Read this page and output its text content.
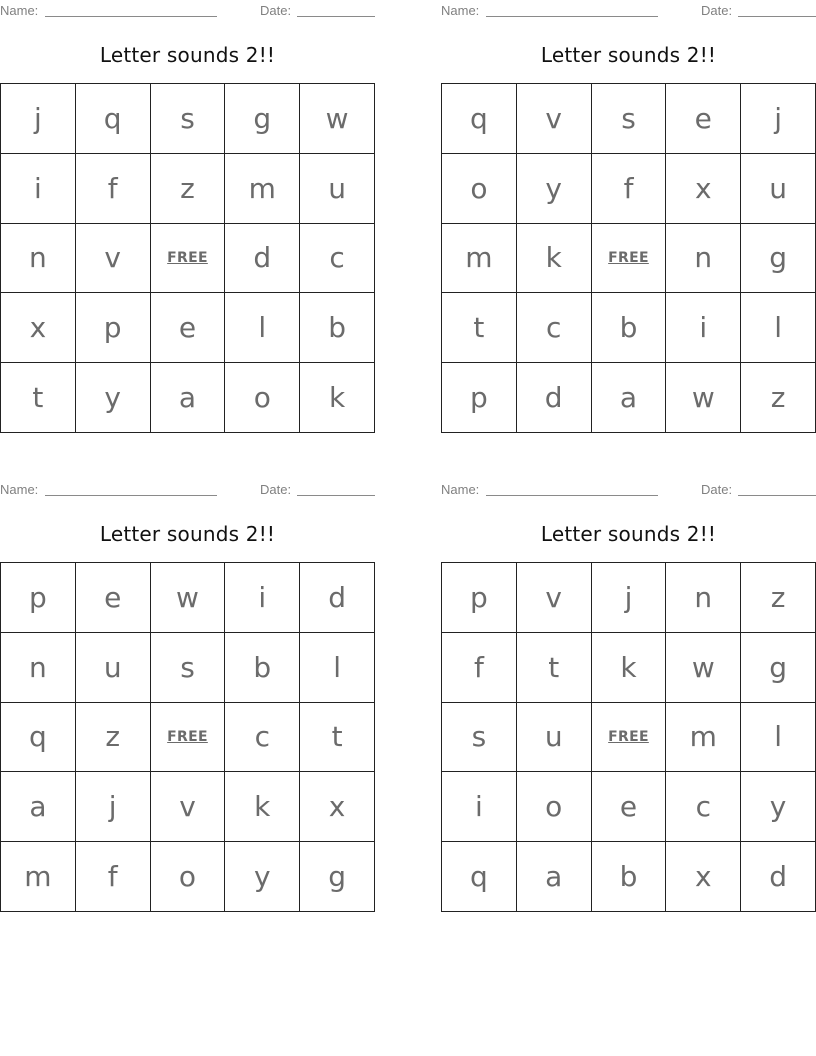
Name:	Date:
Letter sounds 2!!
j	q	s	g	w
i	f	z	m	u
n	v	FREE	d	c
x	p	e	l	b
t	y	a	o	k
Name:	Date:
Letter sounds 2!!
q	v	s	e	j
o	y	f	x	u
m	k	FREE	n	g
t	c	b	i	l
p	d	a	w	z
Name:	Date:
Letter sounds 2!!
p	e	w	i	d
n	u	s	b	l
q	z	FREE	c	t
a	j	v	k	x
m	f	o	y	g
Name:	Date:
Letter sounds 2!!
p	v	j	n	z
f	t	k	w	g
s	u	FREE	m	l
i	o	e	c	y
q	a	b	x	d
